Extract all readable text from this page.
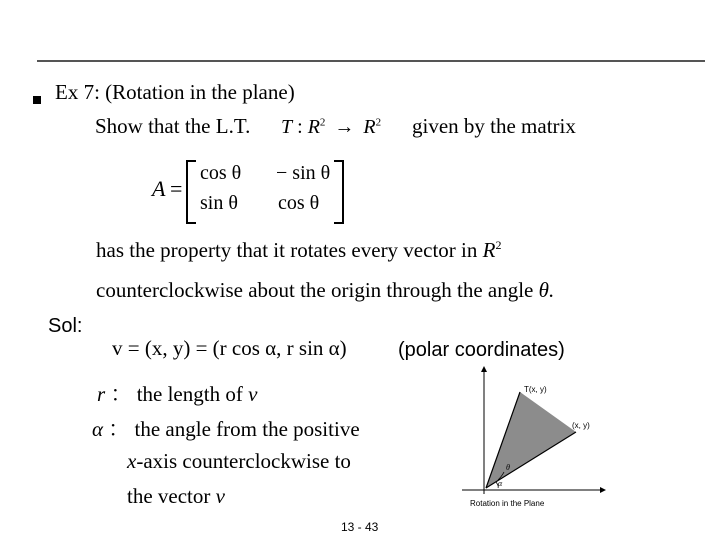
Ex 7: (Rotation in the plane)
Show that the L.T. T : $R^2 \to R^2$ given by the matrix
A =
cos θ − sin θ
sin θ cos θ
has the property that it rotates every vector in $R^2$
counterclockwise about the origin through the angle θ.
Sol:
v = (x, y) = (r cos α, r sin α)	(polar coordinates)
r ： the length of v
α ： the angle from the positive
x-axis counterclockwise to
the vector v
13 - 43
T(x, y)
(x, y)
θ
α
Rotation in the Plane
